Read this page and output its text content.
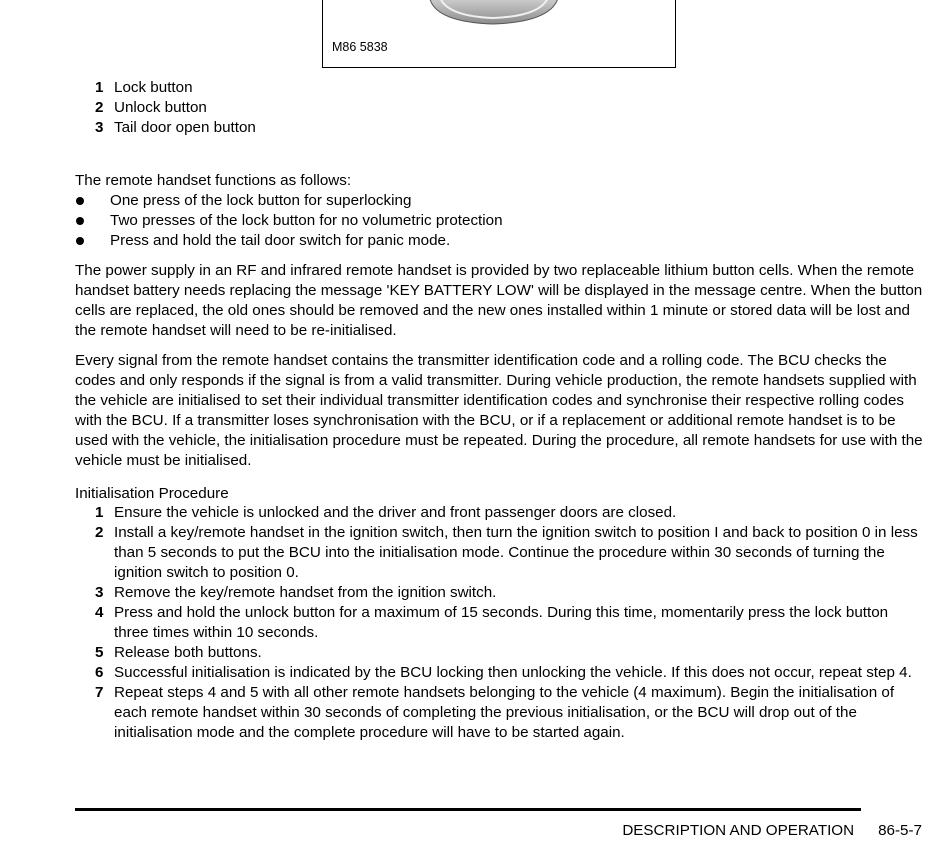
M86 5838
1 Lock button
2 Unlock button
3 Tail door open button

The remote handset functions as follows:

One press of the lock button for superlocking
Two presses of the lock button for no volumetric protection
Press and hold the tail door switch for panic mode.

The power supply in an RF and infrared remote handset is provided by two replaceable lithium button cells. When the remote handset battery needs replacing the message 'KEY BATTERY LOW' will be displayed in the message centre. When the button cells are replaced, the old ones should be removed and the new ones installed within 1 minute or stored data will be lost and the remote handset will need to be re-initialised.

Every signal from the remote handset contains the transmitter identification code and a rolling code. The BCU checks the codes and only responds if the signal is from a valid transmitter. During vehicle production, the remote handsets supplied with the vehicle are initialised to set their individual transmitter identification codes and synchronise their respective rolling codes with the BCU. If a transmitter loses synchronisation with the BCU, or if a replacement or additional remote handset is to be used with the vehicle, the initialisation procedure must be repeated. During the procedure, all remote handsets for use with the vehicle must be initialised.

Initialisation Procedure

1 Ensure the vehicle is unlocked and the driver and front passenger doors are closed.
2 Install a key/remote handset in the ignition switch, then turn the ignition switch to position I and back to position 0 in less than 5 seconds to put the BCU into the initialisation mode. Continue the procedure within 30 seconds of turning the ignition switch to position 0.
3 Remove the key/remote handset from the ignition switch.
4 Press and hold the unlock button for a maximum of 15 seconds. During this time, momentarily press the lock button three times within 10 seconds.
5 Release both buttons.
6 Successful initialisation is indicated by the BCU locking then unlocking the vehicle. If this does not occur, repeat step 4.
7 Repeat steps 4 and 5 with all other remote handsets belonging to the vehicle (4 maximum). Begin the initialisation of each remote handset within 30 seconds of completing the previous initialisation, or the BCU will drop out of the initialisation mode and the complete procedure will have to be started again.
DESCRIPTION AND OPERATION 86-5-7
